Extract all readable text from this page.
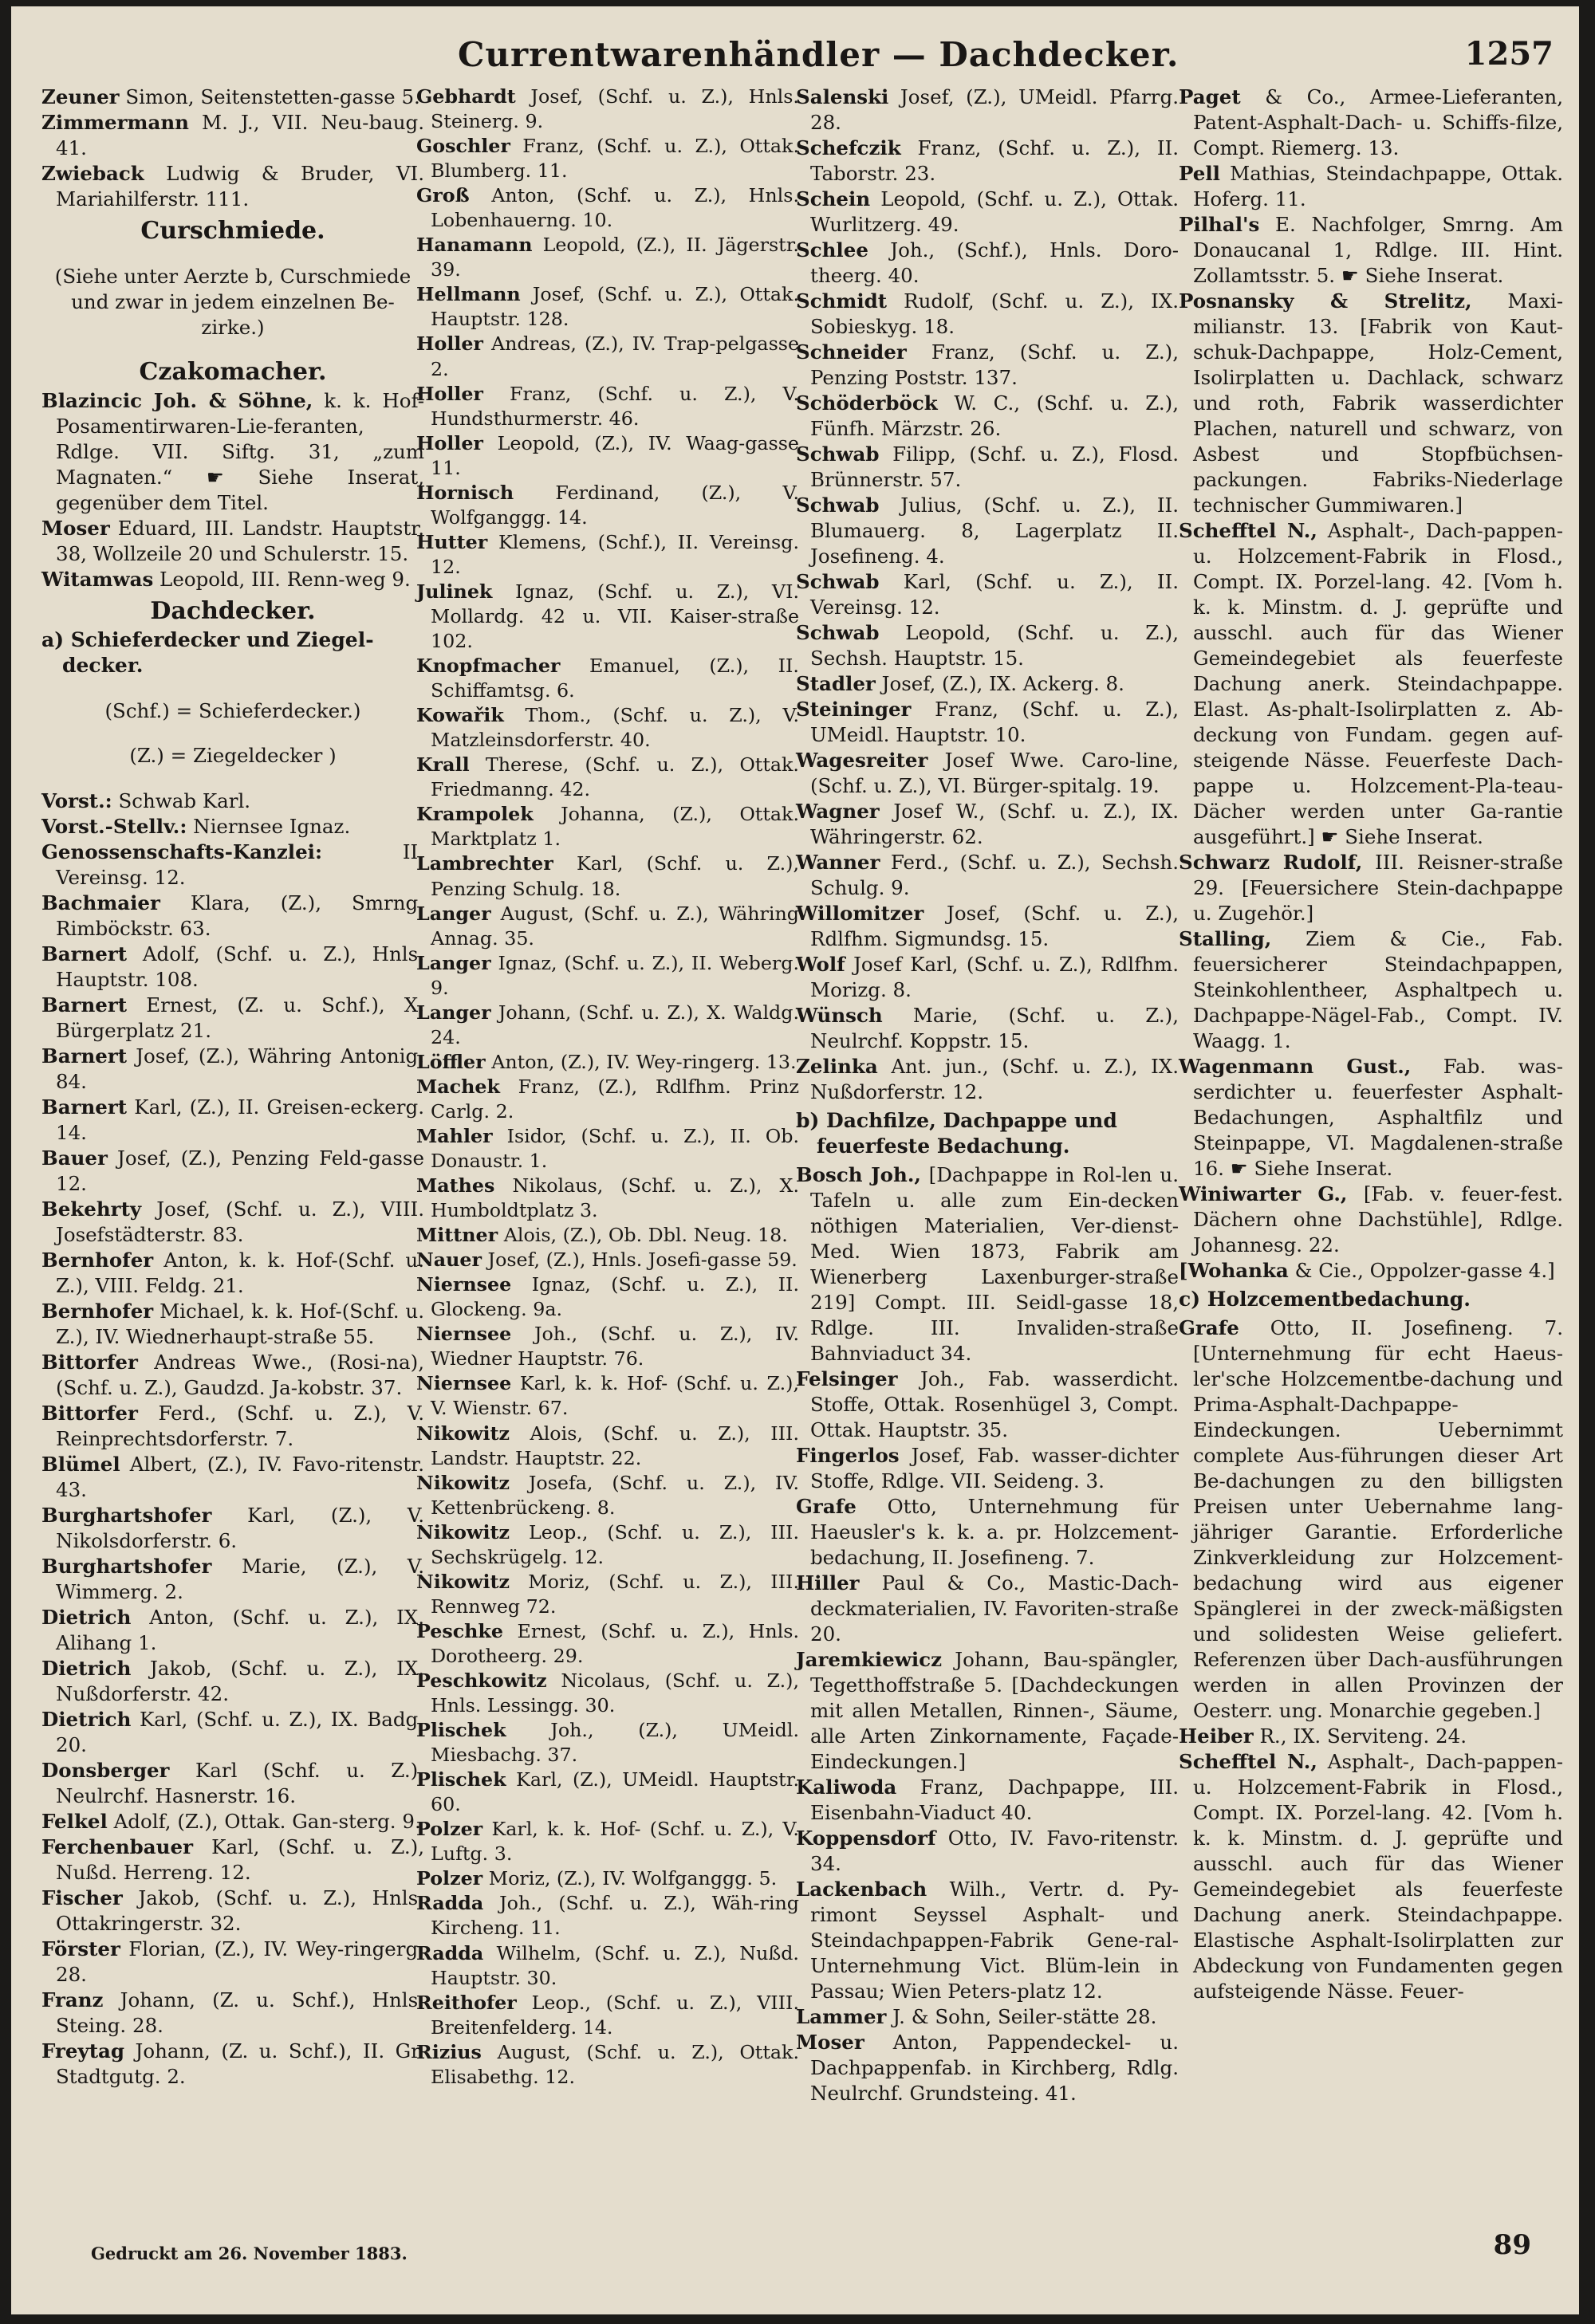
Currentwarenhändler — Dachdecker.	1257

Zeuner Simon, Seitenstetten-gasse 5.

Zimmermann M. J., VII. Neu-baug. 41.

Zwieback Ludwig & Bruder, VI. Mariahilferstr. 111.

Curschmiede.

(Siehe unter Aerzte b, Curschmiede und zwar in jedem einzelnen Be-zirke.)

Czakomacher.

Blazincic Joh. & Söhne, k. k. Hof-Posamentirwaren-Lie-feranten, Rdlge. VII. Siftg. 31, „zum Magnaten.“ ☛ Siehe Inserat, gegenüber dem Titel.

Moser Eduard, III. Landstr. Hauptstr. 38, Wollzeile 20 und Schulerstr. 15.

Witamwas Leopold, III. Renn-weg 9.

Dachdecker.

a) Schieferdecker und Ziegel-decker.

(Schf.) = Schieferdecker.)

(Z.) = Ziegeldecker )

Vorst.: Schwab Karl.

Vorst.-Stellv.: Niernsee Ignaz.

Genossenschafts-Kanzlei: II. Vereinsg. 12.

Bachmaier Klara, (Z.), Smrng. Rimböckstr. 63.

Barnert Adolf, (Schf. u. Z.), Hnls. Hauptstr. 108.

Barnert Ernest, (Z. u. Schf.), X. Bürgerplatz 21.

Barnert Josef, (Z.), Währing Antonig. 84.

Barnert Karl, (Z.), II. Greisen-eckerg. 14.

Bauer Josef, (Z.), Penzing Feld-gasse 12.

Bekehrty Josef, (Schf. u. Z.), VIII. Josefstädterstr. 83.

Bernhofer Anton, k. k. Hof-(Schf. u. Z.), VIII. Feldg. 21.

Bernhofer Michael, k. k. Hof-(Schf. u. Z.), IV. Wiednerhaupt-straße 55.

Bittorfer Andreas Wwe., (Rosi-na), (Schf. u. Z.), Gaudzd. Ja-kobstr. 37.

Bittorfer Ferd., (Schf. u. Z.), V. Reinprechtsdorferstr. 7.

Blümel Albert, (Z.), IV. Favo-ritenstr. 43.

Burghartshofer Karl, (Z.), V. Nikolsdorferstr. 6.

Burghartshofer Marie, (Z.), V. Wimmerg. 2.

Dietrich Anton, (Schf. u. Z.), IX. Alihang 1.

Dietrich Jakob, (Schf. u. Z.), IX. Nußdorferstr. 42.

Dietrich Karl, (Schf. u. Z.), IX. Badg. 20.

Donsberger Karl (Schf. u. Z.), Neulrchf. Hasnerstr. 16.

Felkel Adolf, (Z.), Ottak. Gan-sterg. 9.

Ferchenbauer Karl, (Schf. u. Z.), Nußd. Herreng. 12.

Fischer Jakob, (Schf. u. Z.), Hnls. Ottakringerstr. 32.

Förster Florian, (Z.), IV. Wey-ringerg. 28.

Franz Johann, (Z. u. Schf.), Hnls. Steing. 28.

Freytag Johann, (Z. u. Schf.), II. Gr. Stadtgutg. 2.

Gebhardt Josef, (Schf. u. Z.), Hnls. Steinerg. 9.

Goschler Franz, (Schf. u. Z.), Ottak. Blumberg. 11.

Groß Anton, (Schf. u. Z.), Hnls. Lobenhauerng. 10.

Hanamann Leopold, (Z.), II. Jägerstr. 39.

Hellmann Josef, (Schf. u. Z.), Ottak. Hauptstr. 128.

Holler Andreas, (Z.), IV. Trap-pelgasse 2.

Holler Franz, (Schf. u. Z.), V. Hundsthurmerstr. 46.

Holler Leopold, (Z.), IV. Waag-gasse 11.

Hornisch Ferdinand, (Z.), V. Wolfganggg. 14.

Hutter Klemens, (Schf.), II. Vereinsg. 12.

Julinek Ignaz, (Schf. u. Z.), VI. Mollardg. 42 u. VII. Kaiser-straße 102.

Knopfmacher Emanuel, (Z.), II. Schiffamtsg. 6.

Kowařik Thom., (Schf. u. Z.), V. Matzleinsdorferstr. 40.

Krall Therese, (Schf. u. Z.), Ottak. Friedmanng. 42.

Krampolek Johanna, (Z.), Ottak. Marktplatz 1.

Lambrechter Karl, (Schf. u. Z.), Penzing Schulg. 18.

Langer August, (Schf. u. Z.), Währing Annag. 35.

Langer Ignaz, (Schf. u. Z.), II. Weberg. 9.

Langer Johann, (Schf. u. Z.), X. Waldg. 24.

Löffler Anton, (Z.), IV. Wey-ringerg. 13.

Machek Franz, (Z.), Rdlfhm. Prinz Carlg. 2.

Mahler Isidor, (Schf. u. Z.), II. Ob. Donaustr. 1.

Mathes Nikolaus, (Schf. u. Z.), X. Humboldtplatz 3.

Mittner Alois, (Z.), Ob. Dbl. Neug. 18.

Nauer Josef, (Z.), Hnls. Josefi-gasse 59.

Niernsee Ignaz, (Schf. u. Z.), II. Glockeng. 9a.

Niernsee Joh., (Schf. u. Z.), IV. Wiedner Hauptstr. 76.

Niernsee Karl, k. k. Hof- (Schf. u. Z.), V. Wienstr. 67.

Nikowitz Alois, (Schf. u. Z.), III. Landstr. Hauptstr. 22.

Nikowitz Josefa, (Schf. u. Z.), IV. Kettenbrückeng. 8.

Nikowitz Leop., (Schf. u. Z.), III. Sechskrügelg. 12.

Nikowitz Moriz, (Schf. u. Z.), III. Rennweg 72.

Peschke Ernest, (Schf. u. Z.), Hnls. Dorotheerg. 29.

Peschkowitz Nicolaus, (Schf. u. Z.), Hnls. Lessingg. 30.

Plischek Joh., (Z.), UMeidl. Miesbachg. 37.

Plischek Karl, (Z.), UMeidl. Hauptstr. 60.

Polzer Karl, k. k. Hof- (Schf. u. Z.), V. Luftg. 3.

Polzer Moriz, (Z.), IV. Wolfganggg. 5.

Radda Joh., (Schf. u. Z.), Wäh-ring Kircheng. 11.

Radda Wilhelm, (Schf. u. Z.), Nußd. Hauptstr. 30.

Reithofer Leop., (Schf. u. Z.), VIII. Breitenfelderg. 14.

Rizius August, (Schf. u. Z.), Ottak. Elisabethg. 12.

Salenski Josef, (Z.), UMeidl. Pfarrg. 28.

Schefczik Franz, (Schf. u. Z.), II. Taborstr. 23.

Schein Leopold, (Schf. u. Z.), Ottak. Wurlitzerg. 49.

Schlee Joh., (Schf.), Hnls. Doro-theerg. 40.

Schmidt Rudolf, (Schf. u. Z.), IX. Sobieskyg. 18.

Schneider Franz, (Schf. u. Z.), Penzing Poststr. 137.

Schöderböck W. C., (Schf. u. Z.), Fünfh. Märzstr. 26.

Schwab Filipp, (Schf. u. Z.), Flosd. Brünnerstr. 57.

Schwab Julius, (Schf. u. Z.), II. Blumauerg. 8, Lagerplatz II. Josefineng. 4.

Schwab Karl, (Schf. u. Z.), II. Vereinsg. 12.

Schwab Leopold, (Schf. u. Z.), Sechsh. Hauptstr. 15.

Stadler Josef, (Z.), IX. Ackerg. 8.

Steininger Franz, (Schf. u. Z.), UMeidl. Hauptstr. 10.

Wagesreiter Josef Wwe. Caro-line, (Schf. u. Z.), VI. Bürger-spitalg. 19.

Wagner Josef W., (Schf. u. Z.), IX. Währingerstr. 62.

Wanner Ferd., (Schf. u. Z.), Sechsh. Schulg. 9.

Willomitzer Josef, (Schf. u. Z.), Rdlfhm. Sigmundsg. 15.

Wolf Josef Karl, (Schf. u. Z.), Rdlfhm. Morizg. 8.

Wünsch Marie, (Schf. u. Z.), Neulrchf. Koppstr. 15.

Zelinka Ant. jun., (Schf. u. Z.), IX. Nußdorferstr. 12.

b) Dachfilze, Dachpappe und feuerfeste Bedachung.

Bosch Joh., [Dachpappe in Rol-len u. Tafeln u. alle zum Ein-decken nöthigen Materialien, Ver-dienst-Med. Wien 1873, Fabrik am Wienerberg Laxenburger-straße 219] Compt. III. Seidl-gasse 18, Rdlge. III. Invaliden-straße Bahnviaduct 34.

Felsinger Joh., Fab. wasserdicht. Stoffe, Ottak. Rosenhügel 3, Compt. Ottak. Hauptstr. 35.

Fingerlos Josef, Fab. wasser-dichter Stoffe, Rdlge. VII. Seideng. 3.

Grafe Otto, Unternehmung für Haeusler's k. k. a. pr. Holzcement-bedachung, II. Josefineng. 7.

Hiller Paul & Co., Mastic-Dach-deckmaterialien, IV. Favoriten-straße 20.

Jaremkiewicz Johann, Bau-spängler, Tegetthoffstraße 5. [Dachdeckungen mit allen Metallen, Rinnen-, Säume, alle Arten Zinkornamente, Façade-Eindeckungen.]

Kaliwoda Franz, Dachpappe, III. Eisenbahn-Viaduct 40.

Koppensdorf Otto, IV. Favo-ritenstr. 34.

Lackenbach Wilh., Vertr. d. Py-rimont Seyssel Asphalt- und Steindachpappen-Fabrik Gene-ral-Unternehmung Vict. Blüm-lein in Passau; Wien Peters-platz 12.

Lammer J. & Sohn, Seiler-stätte 28.

Moser Anton, Pappendeckel- u. Dachpappenfab. in Kirchberg, Rdlg. Neulrchf. Grundsteing. 41.

Paget & Co., Armee-Lieferanten, Patent-Asphalt-Dach- u. Schiffs-filze, Compt. Riemerg. 13.

Pell Mathias, Steindachpappe, Ottak. Hoferg. 11.

Pilhal's E. Nachfolger, Smrng. Am Donaucanal 1, Rdlge. III. Hint. Zollamtsstr. 5. ☛ Siehe Inserat.

Posnansky & Strelitz, Maxi-milianstr. 13. [Fabrik von Kaut-schuk-Dachpappe, Holz-Cement, Isolirplatten u. Dachlack, schwarz und roth, Fabrik wasserdichter Plachen, naturell und schwarz, von Asbest und Stopfbüchsen-packungen. Fabriks-Niederlage technischer Gummiwaren.]

Schefftel N., Asphalt-, Dach-pappen- u. Holzcement-Fabrik in Flosd., Compt. IX. Porzel-lang. 42. [Vom h. k. k. Minstm. d. J. geprüfte und ausschl. auch für das Wiener Gemeindegebiet als feuerfeste Dachung anerk. Steindachpappe. Elast. As-phalt-Isolirplatten z. Ab-deckung von Fundam. gegen auf-steigende Nässe. Feuerfeste Dach-pappe u. Holzcement-Pla-teau-Dächer werden unter Ga-rantie ausgeführt.] ☛ Siehe Inserat.

Schwarz Rudolf, III. Reisner-straße 29. [Feuersichere Stein-dachpappe u. Zugehör.]

Stalling, Ziem & Cie., Fab. feuersicherer Steindachpappen, Steinkohlentheer, Asphaltpech u. Dachpappe-Nägel-Fab., Compt. IV. Waagg. 1.

Wagenmann Gust., Fab. was-serdichter u. feuerfester Asphalt-Bedachungen, Asphaltfilz und Steinpappe, VI. Magdalenen-straße 16. ☛ Siehe Inserat.

Winiwarter G., [Fab. v. feuer-fest. Dächern ohne Dachstühle], Rdlge. Johannesg. 22.

[Wohanka & Cie., Oppolzer-gasse 4.]

c) Holzcementbedachung.

Grafe Otto, II. Josefineng. 7. [Unternehmung für echt Haeus-ler'sche Holzcementbe-dachung und Prima-Asphalt-Dachpappe-Eindeckungen. Uebernimmt complete Aus-führungen dieser Art Be-dachungen zu den billigsten Preisen unter Uebernahme lang-jähriger Garantie. Erforderliche Zinkverkleidung zur Holzcement-bedachung wird aus eigener Spänglerei in der zweck-mäßigsten und solidesten Weise geliefert. Referenzen über Dach-ausführungen werden in allen Provinzen der Oesterr. ung. Monarchie gegeben.]

Heiber R., IX. Serviteng. 24.

Schefftel N., Asphalt-, Dach-pappen- u. Holzcement-Fabrik in Flosd., Compt. IX. Porzel-lang. 42. [Vom h. k. k. Minstm. d. J. geprüfte und ausschl. auch für das Wiener Gemeindegebiet als feuerfeste Dachung anerk. Steindachpappe. Elastische Asphalt-Isolirplatten zur Abdeckung von Fundamenten gegen aufsteigende Nässe. Feuer-

Gedruckt am 26. November 1883.	89
